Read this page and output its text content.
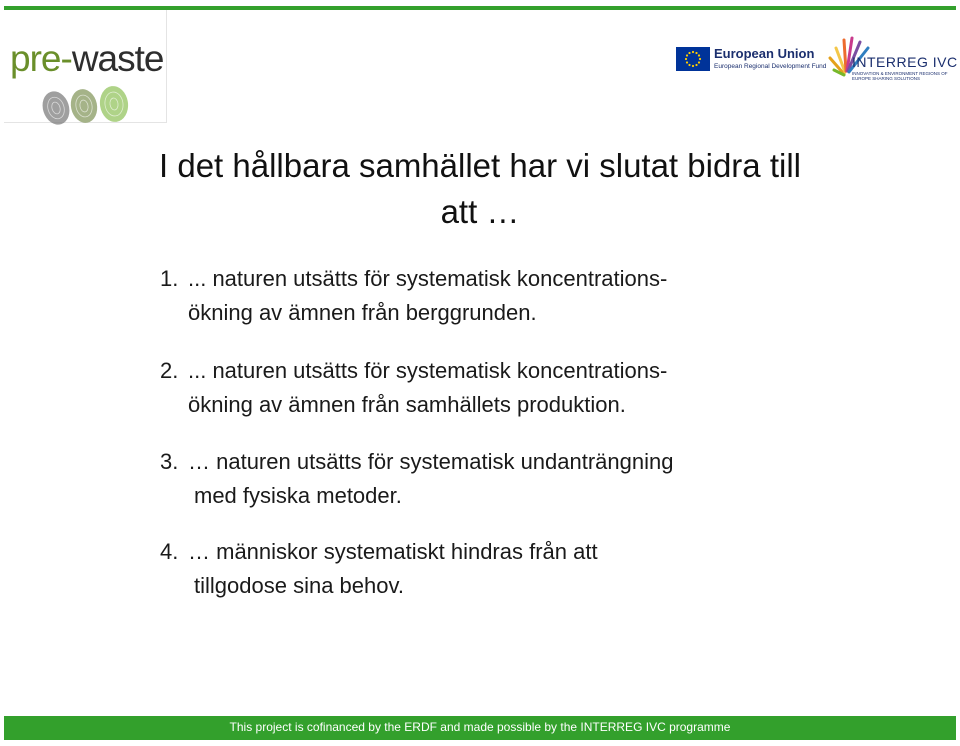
pre-waste	European Union
European Regional Development Fund INTERREG IVC
INNOVATION & ENVIRONMENT REGIONS OF EUROPE SHARING SOLUTIONS
I det hållbara samhället har vi slutat bidra till
att …
1. ... naturen utsätts för systematisk koncentrations-
ökning av ämnen från berggrunden.
2. ... naturen utsätts för systematisk koncentrations-
ökning av ämnen från samhällets produktion.
3. … naturen utsätts för systematisk undanträngning
med fysiska metoder.
4. … människor systematiskt hindras från att
tillgodose sina behov.
This project is cofinanced by the ERDF and made possible by the INTERREG IVC programme
